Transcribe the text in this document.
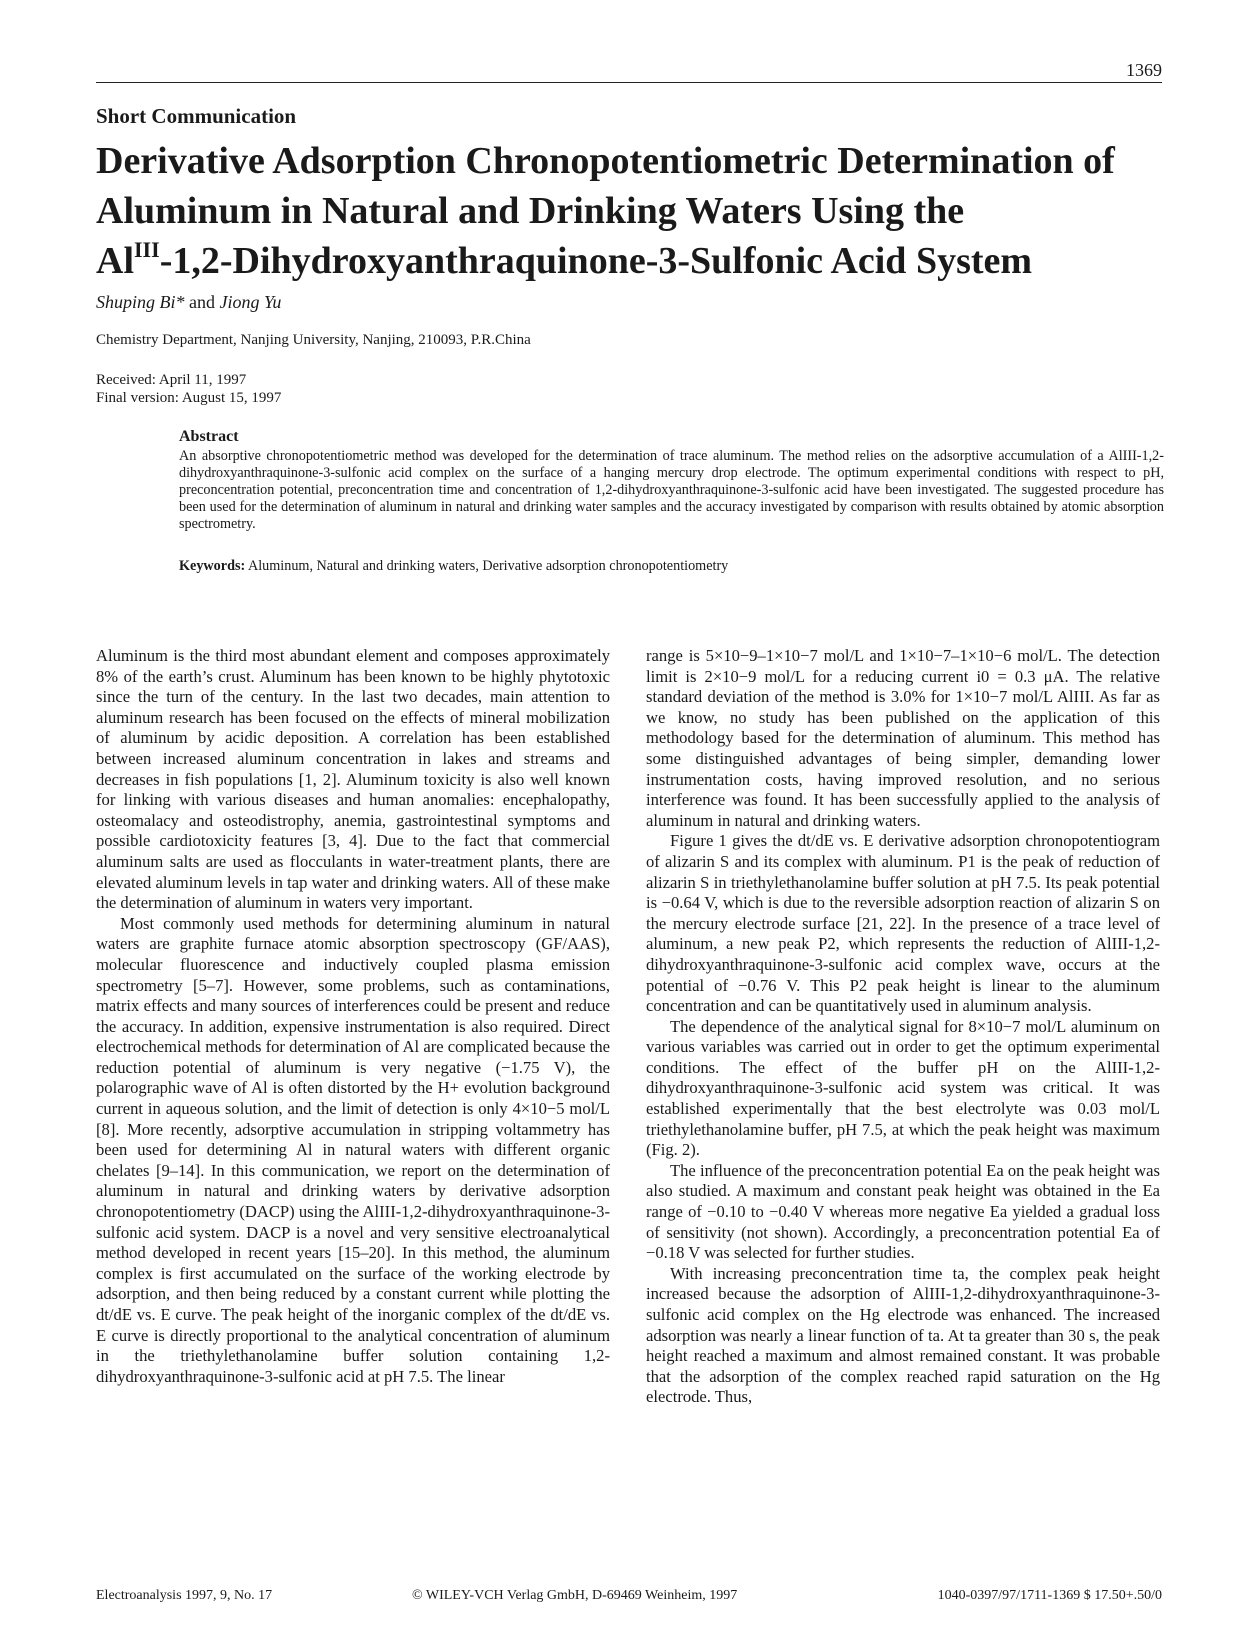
1369
Short Communication
Derivative Adsorption Chronopotentiometric Determination of
Aluminum in Natural and Drinking Waters Using the
$Al^{III}-1,2-Dihydroxyanthraquinone-3$-Sulfonic Acid System
Shuping Bi* and Jiong Yu
Chemistry Department, Nanjing University, Nanjing, 210093, P.R.China
Received: April 11, 1997
Final version: August 15, 1997
Abstract
An absorptive chronopotentiometric method was developed for the determination of trace aluminum. The method relies on the adsorptive accumulation of a AlIII-1,2-dihydroxyanthraquinone-3-sulfonic acid complex on the surface of a hanging mercury drop electrode. The optimum experimental conditions with respect to pH, preconcentration potential, preconcentration time and concentration of 1,2-dihydroxyanthraquinone-3-sulfonic acid have been investigated. The suggested procedure has been used for the determination of aluminum in natural and drinking water samples and the accuracy investigated by comparison with results obtained by atomic absorption spectrometry.
Keywords: Aluminum, Natural and drinking waters, Derivative adsorption chronopotentiometry

Aluminum is the third most abundant element and composes approximately 8% of the earth’s crust. Aluminum has been known to be highly phytotoxic since the turn of the century. In the last two decades, main attention to aluminum research has been focused on the effects of mineral mobilization of aluminum by acidic deposition. A correlation has been established between increased aluminum concentration in lakes and streams and decreases in fish populations [1, 2]. Aluminum toxicity is also well known for linking with various diseases and human anomalies: encephalopathy, osteomalacy and osteodistrophy, anemia, gastrointestinal symptoms and possible cardiotoxicity features [3, 4]. Due to the fact that commercial aluminum salts are used as flocculants in water-treatment plants, there are elevated aluminum levels in tap water and drinking waters. All of these make the determination of aluminum in waters very important.

Most commonly used methods for determining aluminum in natural waters are graphite furnace atomic absorption spectroscopy (GF/AAS), molecular fluorescence and inductively coupled plasma emission spectrometry [5–7]. However, some problems, such as contaminations, matrix effects and many sources of interferences could be present and reduce the accuracy. In addition, expensive instrumentation is also required. Direct electrochemical methods for determination of Al are complicated because the reduction potential of aluminum is very negative (−1.75 V), the polarographic wave of Al is often distorted by the H+ evolution background current in aqueous solution, and the limit of detection is only 4×10−5 mol/L [8]. More recently, adsorptive accumulation in stripping voltammetry has been used for determining Al in natural waters with different organic chelates [9–14]. In this communication, we report on the determination of aluminum in natural and drinking waters by derivative adsorption chronopotentiometry (DACP) using the AlIII-1,2-dihydroxyanthraquinone-3-sulfonic acid system. DACP is a novel and very sensitive electroanalytical method developed in recent years [15–20]. In this method, the aluminum complex is first accumulated on the surface of the working electrode by adsorption, and then being reduced by a constant current while plotting the dt/dE vs. E curve. The peak height of the inorganic complex of the dt/dE vs. E curve is directly proportional to the analytical concentration of aluminum in the triethylethanolamine buffer solution containing 1,2-dihydroxyanthraquinone-3-sulfonic acid at pH 7.5. The linear

range is 5×10−9–1×10−7 mol/L and 1×10−7–1×10−6 mol/L. The detection limit is 2×10−9 mol/L for a reducing current i0 = 0.3 μA. The relative standard deviation of the method is 3.0% for 1×10−7 mol/L AlIII. As far as we know, no study has been published on the application of this methodology based for the determination of aluminum. This method has some distinguished advantages of being simpler, demanding lower instrumentation costs, having improved resolution, and no serious interference was found. It has been successfully applied to the analysis of aluminum in natural and drinking waters.

Figure 1 gives the dt/dE vs. E derivative adsorption chronopotentiogram of alizarin S and its complex with aluminum. P1 is the peak of reduction of alizarin S in triethylethanolamine buffer solution at pH 7.5. Its peak potential is −0.64 V, which is due to the reversible adsorption reaction of alizarin S on the mercury electrode surface [21, 22]. In the presence of a trace level of aluminum, a new peak P2, which represents the reduction of AlIII-1,2-dihydroxyanthraquinone-3-sulfonic acid complex wave, occurs at the potential of −0.76 V. This P2 peak height is linear to the aluminum concentration and can be quantitatively used in aluminum analysis.

The dependence of the analytical signal for 8×10−7 mol/L aluminum on various variables was carried out in order to get the optimum experimental conditions. The effect of the buffer pH on the AlIII-1,2-dihydroxyanthraquinone-3-sulfonic acid system was critical. It was established experimentally that the best electrolyte was 0.03 mol/L triethylethanolamine buffer, pH 7.5, at which the peak height was maximum (Fig. 2).

The influence of the preconcentration potential Ea on the peak height was also studied. A maximum and constant peak height was obtained in the Ea range of −0.10 to −0.40 V whereas more negative Ea yielded a gradual loss of sensitivity (not shown). Accordingly, a preconcentration potential Ea of −0.18 V was selected for further studies.

With increasing preconcentration time ta, the complex peak height increased because the adsorption of AlIII-1,2-dihydroxyanthraquinone-3-sulfonic acid complex on the Hg electrode was enhanced. The increased adsorption was nearly a linear function of ta. At ta greater than 30 s, the peak height reached a maximum and almost remained constant. It was probable that the adsorption of the complex reached rapid saturation on the Hg electrode. Thus,

Electroanalysis 1997, 9, No. 17	© WILEY-VCH Verlag GmbH, D-69469 Weinheim, 1997	1040-0397/97/1711-1369 $ 17.50+.50/0
